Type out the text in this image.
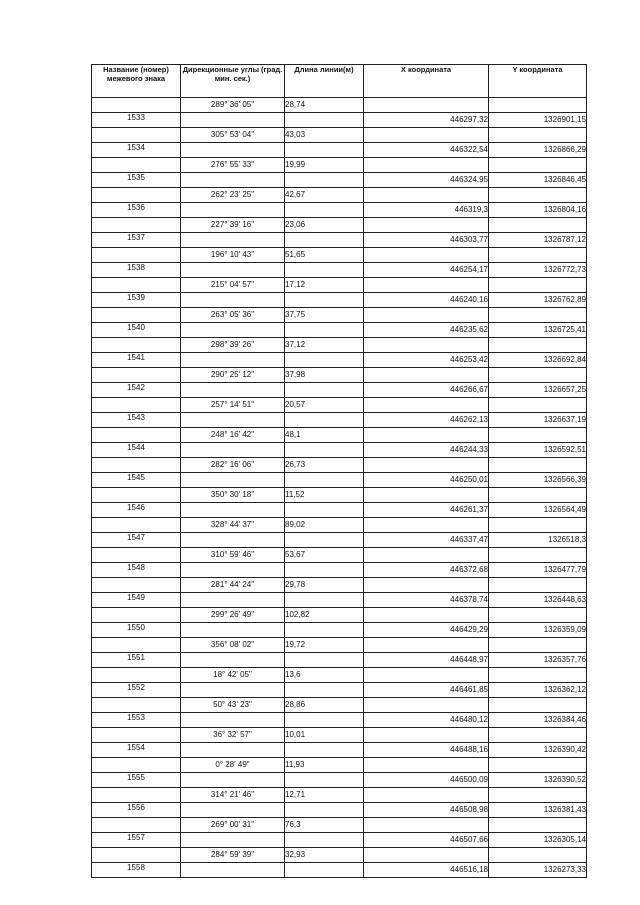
Название (номер) межевого знака	Дирекционные углы (град. мин. сек.)	Длина линии(м)	X координата	Y координата
	289° 36' 05"	28,74		
1533			446297,32	1326901,15
	305° 53' 04"	43,03		
1534			446322,54	1326866,29
	276° 55' 33"	19,99		
1535			446324,95	1326846,45
	262° 23' 25"	42,67		
1536			446319,3	1326804,16
	227° 39' 16"	23,06		
1537			446303,77	1326787,12
	196° 10' 43"	51,65		
1538			446254,17	1326772,73
	215° 04' 57"	17,12		
1539			446240,16	1326762,89
	263° 05' 36"	37,75		
1540			446235,62	1326725,41
	298° 39' 26"	37,12		
1541			446253,42	1326692,84
	290° 25' 12"	37,98		
1542			446266,67	1326657,25
	257° 14' 51"	20,57		
1543			446262,13	1326637,19
	248° 16' 42"	48,1		
1544			446244,33	1326592,51
	282° 16' 06"	26,73		
1545			446250,01	1326566,39
	350° 30' 18"	11,52		
1546			446261,37	1326564,49
	328° 44' 37"	89,02		
1547			446337,47	1326518,3
	310° 59' 46"	53,67		
1548			446372,68	1326477,79
	281° 44' 24"	29,78		
1549			446378,74	1326448,63
	299° 26' 49"	102,82		
1550			446429,29	1326359,09
	356° 08' 02"	19,72		
1551			446448,97	1326357,76
	18° 42' 05"	13,6		
1552			446461,85	1326362,12
	50° 43' 23"	28,86		
1553			446480,12	1326384,46
	36° 32' 57"	10,01		
1554			446488,16	1326390,42
	0° 28' 49"	11,93		
1555			446500,09	1326390,52
	314° 21' 46"	12,71		
1556			446508,98	1326381,43
	269° 00' 31"	76,3		
1557			446507,66	1326305,14
	284° 59' 39"	32,93		
1558			446516,18	1326273,33
